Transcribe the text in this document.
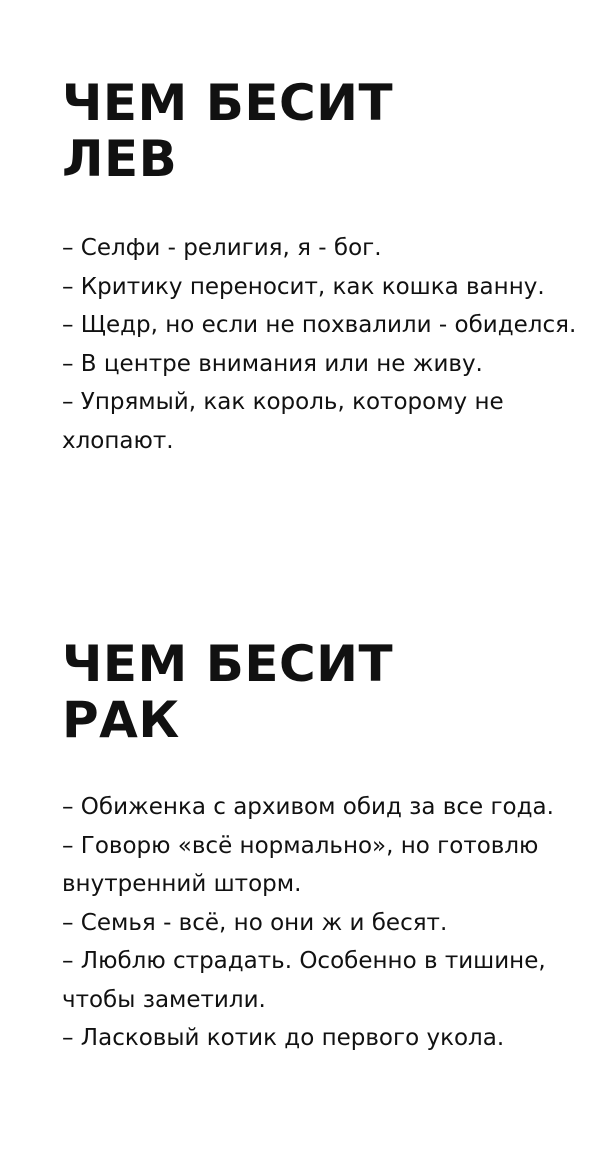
ЧЕМ БЕСИТ
ЛЕВ
– Селфи - религия, я - бог.
– Критику переносит, как кошка ванну.
– Щедр, но если не похвалили - обиделся.
– В центре внимания или не живу.
– Упрямый, как король, которому не хлопают.
ЧЕМ БЕСИТ
РАК
– Обиженка с архивом обид за все года.
– Говорю «всё нормально», но готовлю внутренний шторм.
– Семья - всё, но они ж и бесят.
– Люблю страдать. Особенно в тишине, чтобы заметили.
– Ласковый котик до первого укола.
